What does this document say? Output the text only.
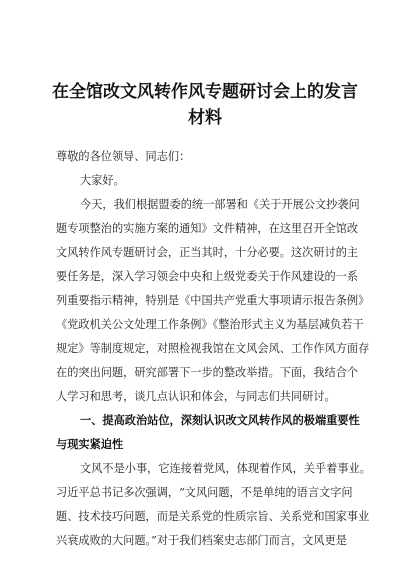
在全馆改文风转作风专题研讨会上的发言
材料

尊敬的各位领导、同志们：

大家好。

今天，我们根据盟委的统一部署和《关于开展公文抄袭问

题专项整治的实施方案的通知》文件精神，在这里召开全馆改

文风转作风专题研讨会，正当其时，十分必要。这次研讨的主

要任务是，深入学习领会中央和上级党委关于作风建设的一系

列重要指示精神，特别是《中国共产党重大事项请示报告条例》

《党政机关公文处理工作条例》《整治形式主义为基层减负若干

规定》等制度规定，对照检视我馆在文风会风、工作作风方面存

在的突出问题，研究部署下一步的整改举措。下面，我结合个

人学习和思考，谈几点认识和体会，与同志们共同研讨。

一、提高政治站位，深刻认识改文风转作风的极端重要性

与现实紧迫性

文风不是小事，它连接着党风，体现着作风，关乎着事业。

习近平总书记多次强调，“文风问题，不是单纯的语言文字问

题、技术技巧问题，而是关系党的性质宗旨、关系党和国家事业

兴衰成败的大问题。”对于我们档案史志部门而言，文风更是
